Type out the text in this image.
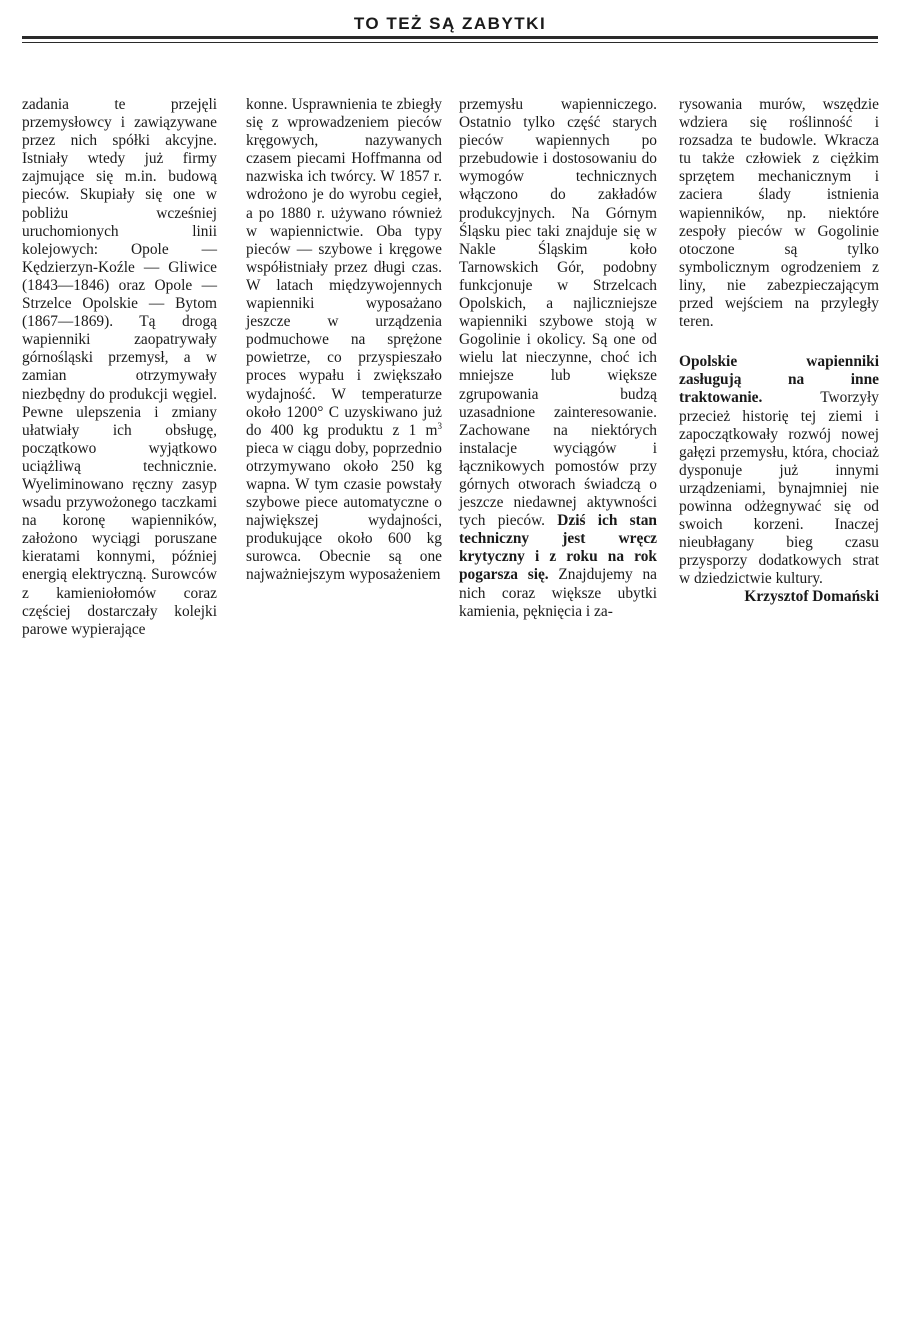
TO TEŻ SĄ ZABYTKI

zadania te przejęli przemysłowcy i zawiązywane przez nich spółki akcyjne. Istniały wtedy już firmy zajmujące się m.in. budową pieców. Skupiały się one w pobliżu wcześniej uruchomionych linii kolejowych: Opole — Kędzierzyn-Koźle — Gliwice (1843—1846) oraz Opole — Strzelce Opolskie — Bytom (1867—1869). Tą drogą wapienniki zaopatrywały górnośląski przemysł, a w zamian otrzymywały niezbędny do produkcji węgiel. Pewne ulepszenia i zmiany ułatwiały ich obsługę, początkowo wyjątkowo uciążliwą technicznie. Wyeliminowano ręczny zasyp wsadu przywożonego taczkami na koronę wapienników, założono wyciągi poruszane kieratami konnymi, później energią elektryczną. Surowców z kamieniołomów coraz częściej dostarczały kolejki parowe wypierające

konne. Usprawnienia te zbiegły się z wprowadzeniem pieców kręgowych, nazywanych czasem piecami Hoffmanna od nazwiska ich twórcy. W 1857 r. wdrożono je do wyrobu cegieł, a po 1880 r. używano również w wapiennictwie. Oba typy pieców — szybowe i kręgowe współistniały przez długi czas. W latach międzywojennych wapienniki wyposażano jeszcze w urządzenia podmuchowe na sprężone powietrze, co przyspieszało proces wypału i zwiększało wydajność. W temperaturze około 1200° C uzyskiwano już do 400 kg produktu z 1 $m^3$ pieca w ciągu doby, poprzednio otrzymywano około 250 kg wapna. W tym czasie powstały szybowe piece automatyczne o największej wydajności, produkujące około 600 kg surowca. Obecnie są one najważniejszym wyposażeniem

przemysłu wapienniczego. Ostatnio tylko część starych pieców wapiennych po przebudowie i dostosowaniu do wymogów technicznych włączono do zakładów produkcyjnych. Na Górnym Śląsku piec taki znajduje się w Nakle Śląskim koło Tarnowskich Gór, podobny funkcjonuje w Strzelcach Opolskich, a najliczniejsze wapienniki szybowe stoją w Gogolinie i okolicy. Są one od wielu lat nieczynne, choć ich mniejsze lub większe zgrupowania budzą uzasadnione zainteresowanie. Zachowane na niektórych instalacje wyciągów i łącznikowych pomostów przy górnych otworach świadczą o jeszcze niedawnej aktywności tych pieców. Dziś ich stan techniczny jest wręcz krytyczny i z roku na rok pogarsza się. Znajdujemy na nich coraz większe ubytki kamienia, pęknięcia i za-

rysowania murów, wszędzie wdziera się roślinność i rozsadza te budowle. Wkracza tu także człowiek z ciężkim sprzętem mechanicznym i zaciera ślady istnienia wapienników, np. niektóre zespoły pieców w Gogolinie otoczone są tylko symbolicznym ogrodzeniem z liny, nie zabezpieczającym przed wejściem na przyległy teren.

Opolskie wapienniki zasługują na inne traktowanie. Tworzyły przecież historię tej ziemi i zapoczątkowały rozwój nowej gałęzi przemysłu, która, chociaż dysponuje już innymi urządzeniami, bynajmniej nie powinna odżegnywać się od swoich korzeni. Inaczej nieubłagany bieg czasu przysporzy dodatkowych strat w dziedzictwie kultury.

Krzysztof Domański
